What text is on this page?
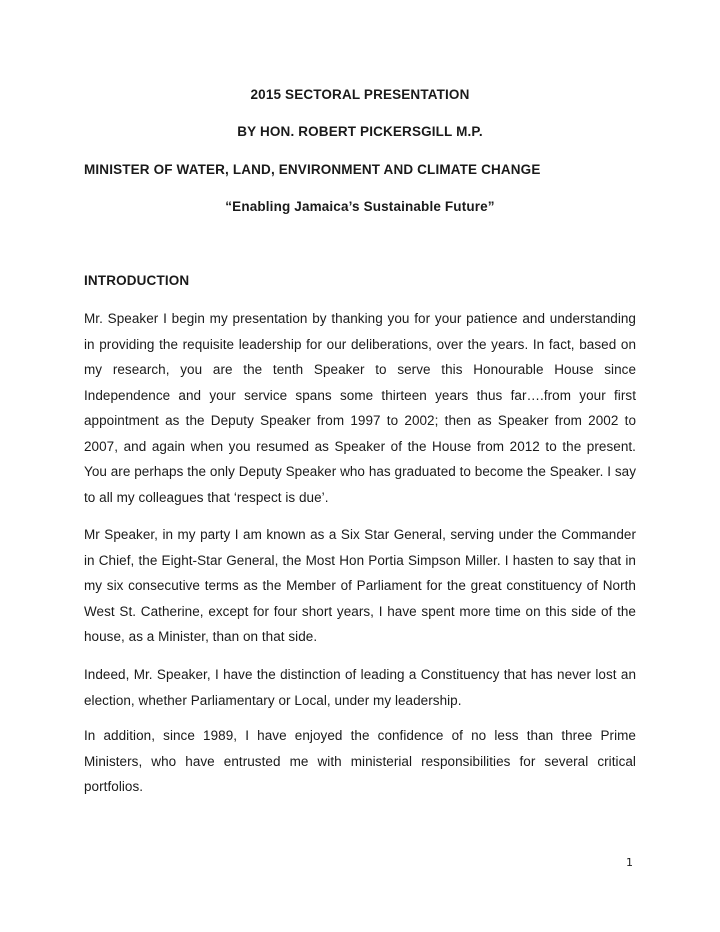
2015 SECTORAL PRESENTATION
BY HON. ROBERT PICKERSGILL M.P.
MINISTER OF WATER, LAND, ENVIRONMENT AND CLIMATE CHANGE
“Enabling Jamaica’s Sustainable Future”
INTRODUCTION
Mr. Speaker I begin my presentation by thanking you for your patience and understanding in providing the requisite leadership for our deliberations, over the years. In fact, based on my research, you are the tenth Speaker to serve this Honourable House since Independence and your service spans some thirteen years thus far….from your first appointment as the Deputy Speaker from 1997 to 2002; then as Speaker from 2002 to 2007, and again when you resumed as Speaker of the House from 2012 to the present. You are perhaps the only Deputy Speaker who has graduated to become the Speaker. I say to all my colleagues that ‘respect is due’.
Mr Speaker, in my party I am known as a Six Star General, serving under the Commander in Chief, the Eight-Star General, the Most Hon Portia Simpson Miller. I hasten to say that in my six consecutive terms as the Member of Parliament for the great constituency of North West St. Catherine, except for four short years, I have spent more time on this side of the house, as a Minister, than on that side.
Indeed, Mr. Speaker, I have the distinction of leading a Constituency that has never lost an election, whether Parliamentary or Local, under my leadership.
In addition, since 1989, I have enjoyed the confidence of no less than three Prime Ministers, who have entrusted me with ministerial responsibilities for several critical portfolios.
1
